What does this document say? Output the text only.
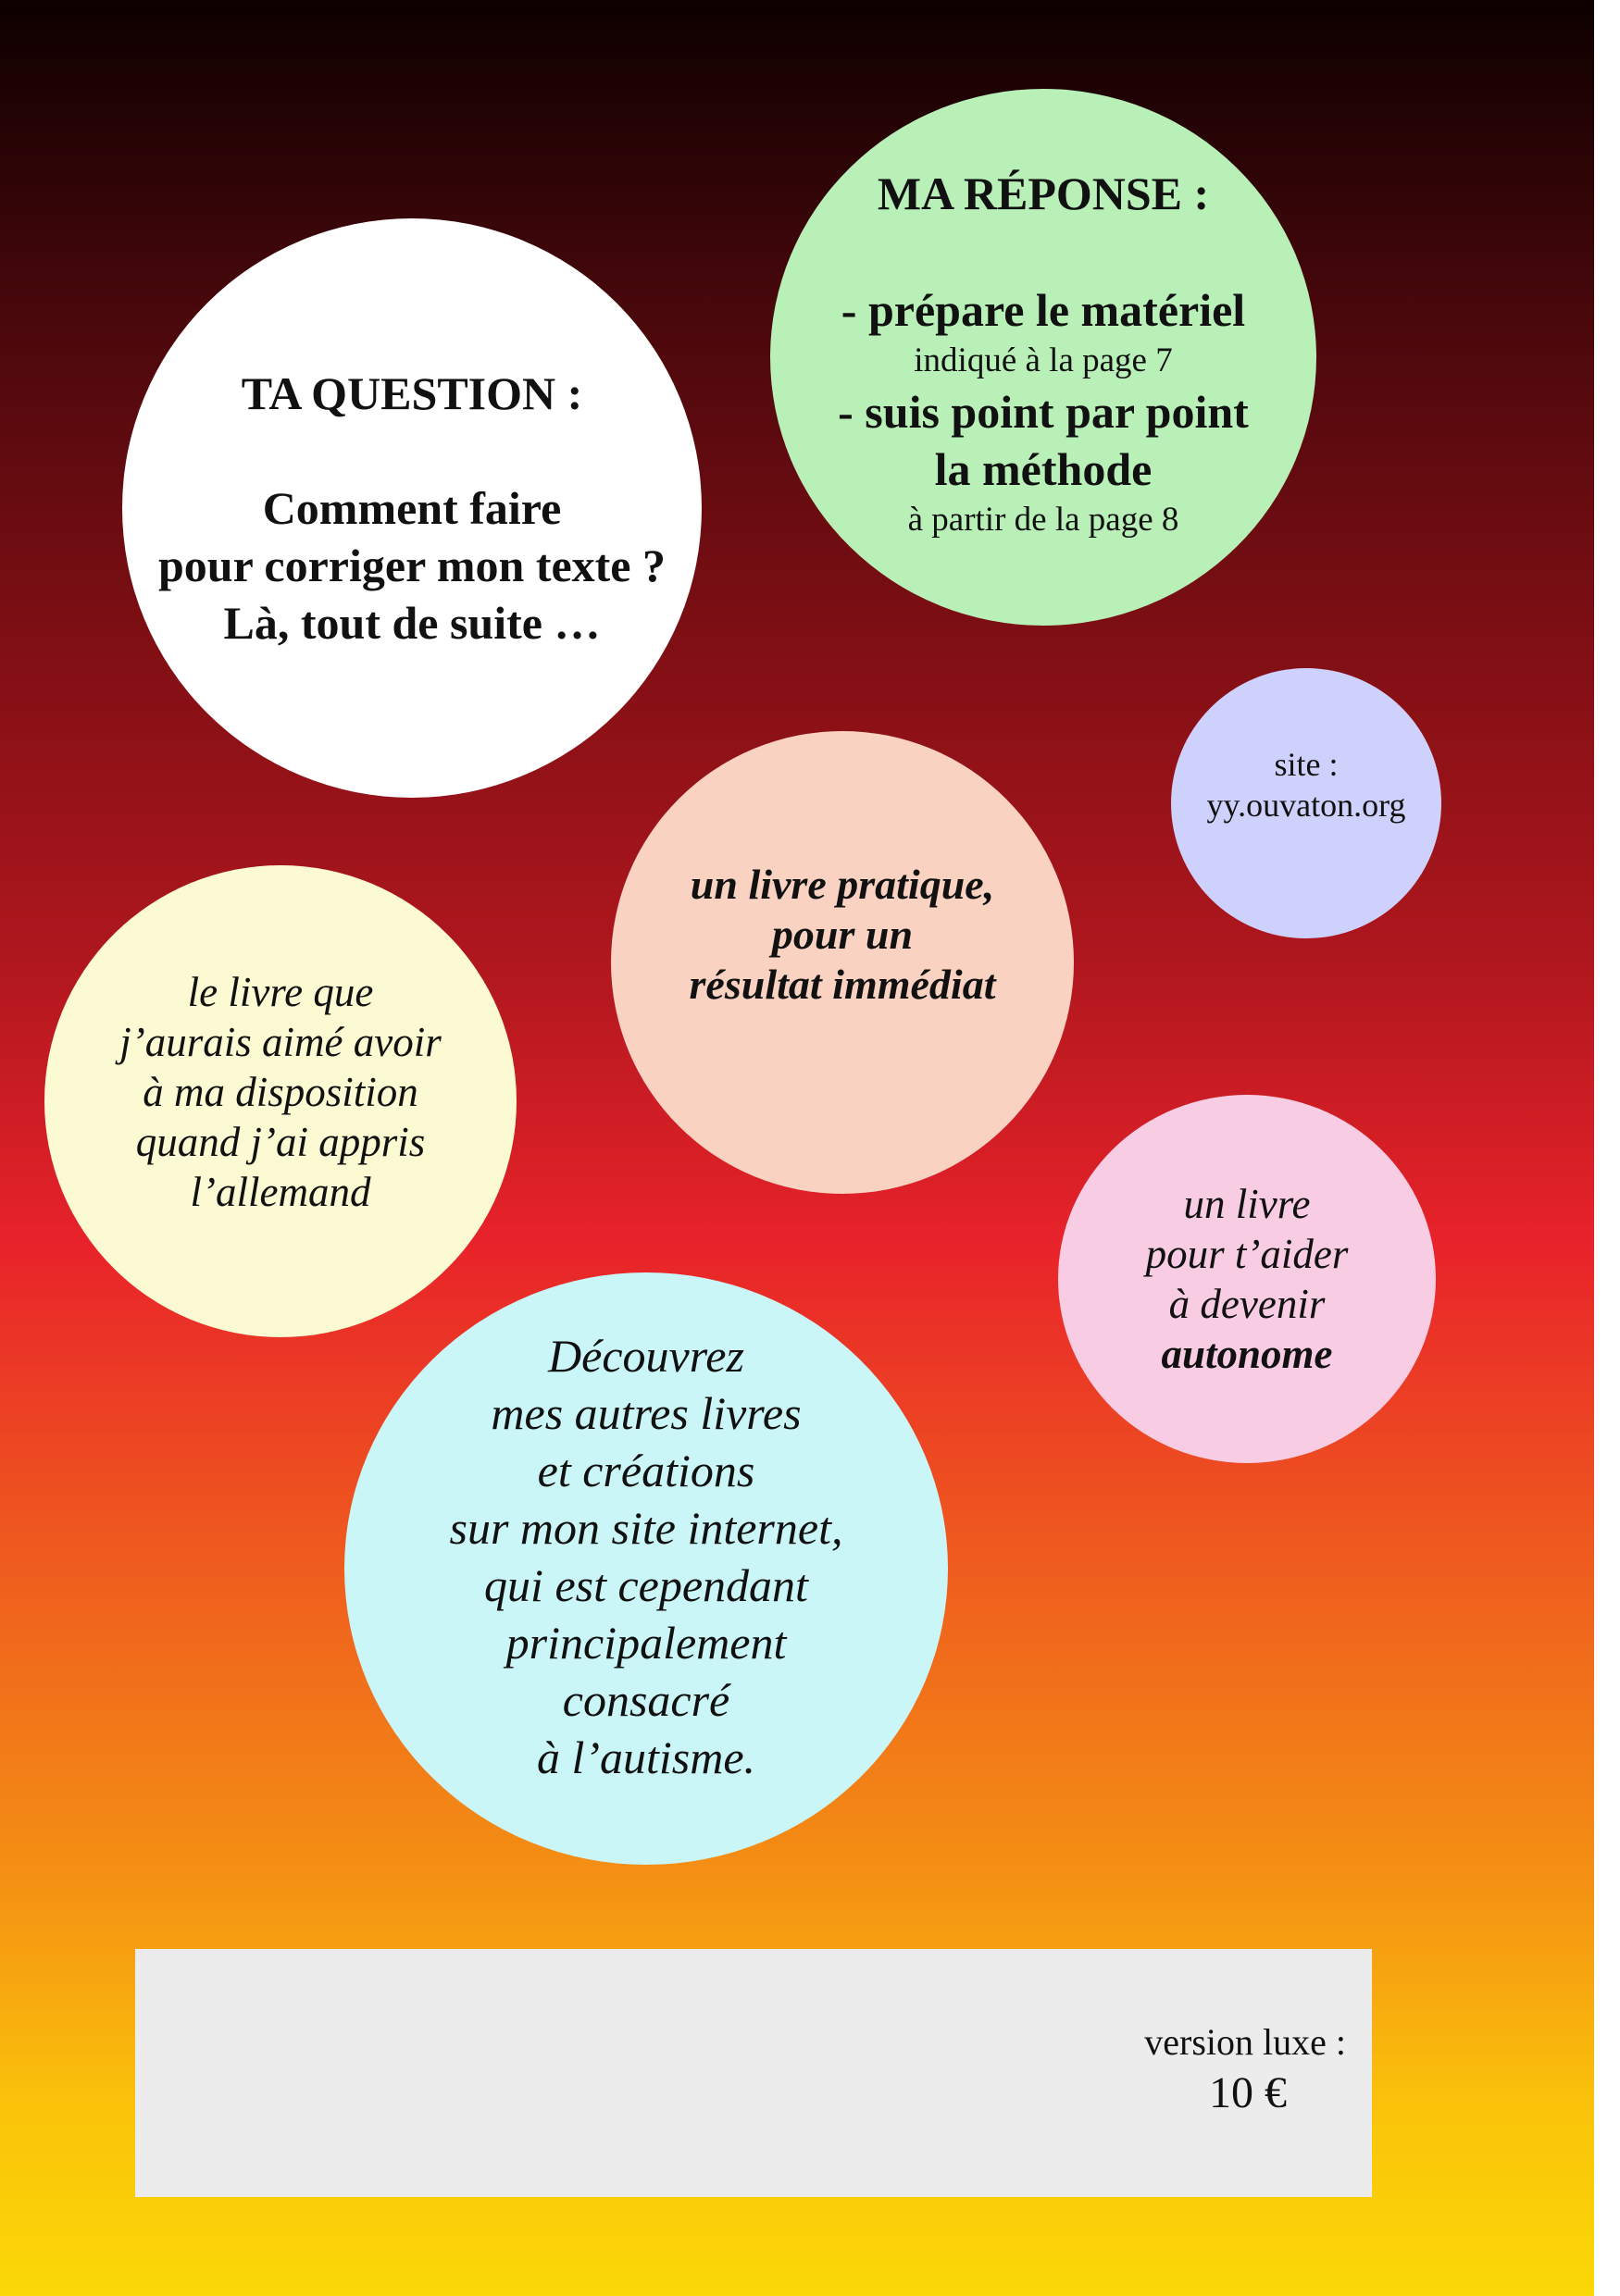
TA QUESTION :
Comment faire
pour corriger mon texte ?
Là, tout de suite …
MA RÉPONSE :
- prépare le matériel
indiqué à la page 7
- suis point par point
la méthode
à partir de la page 8
site :
yy.ouvaton.org
un livre pratique,
pour un
résultat immédiat
le livre que
j’aurais aimé avoir
à ma disposition
quand j’ai appris
l’allemand	un livre
pour t’aider
à devenir
autonome
Découvrez
mes autres livres
et créations
sur mon site internet,
qui est cependant
principalement
consacré
à l’autisme.
version luxe :
10 €
